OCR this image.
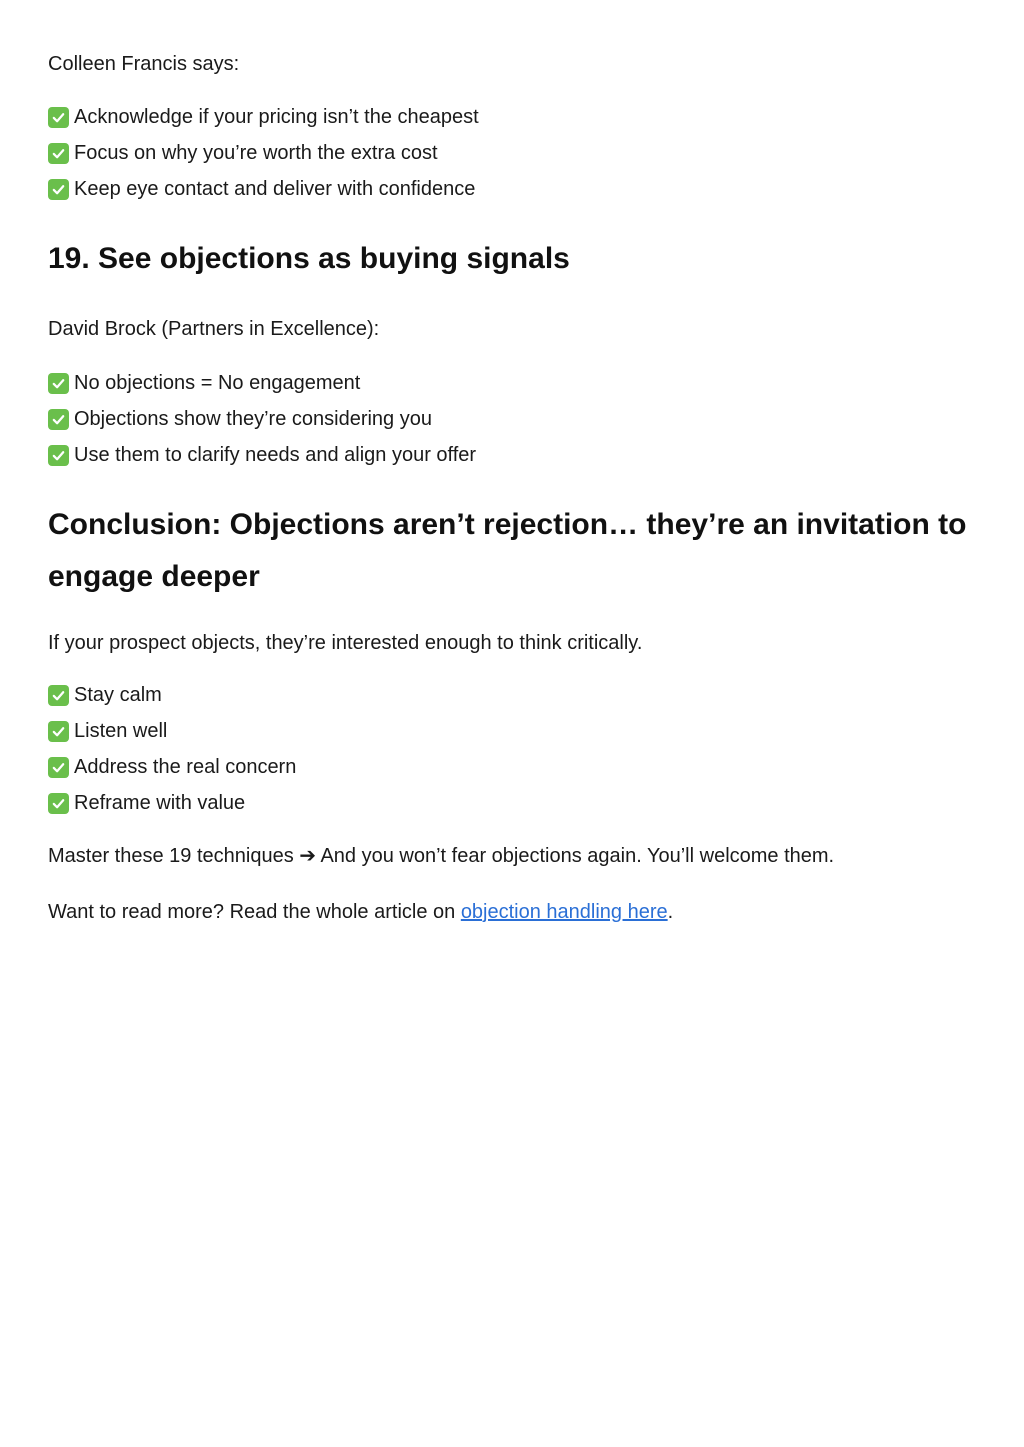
Colleen Francis says:

Acknowledge if your pricing isn’t the cheapest
Focus on why you’re worth the extra cost
Keep eye contact and deliver with confidence
19. See objections as buying signals

David Brock (Partners in Excellence):

No objections = No engagement
Objections show they’re considering you
Use them to clarify needs and align your offer
Conclusion: Objections aren’t rejection… they’re an invitation to
engage deeper

If your prospect objects, they’re interested enough to think critically.

Stay calm
Listen well
Address the real concern
Reframe with value

Master these 19 techniques ➔ And you won’t fear objections again. You’ll welcome them.

Want to read more? Read the whole article on objection handling here.
